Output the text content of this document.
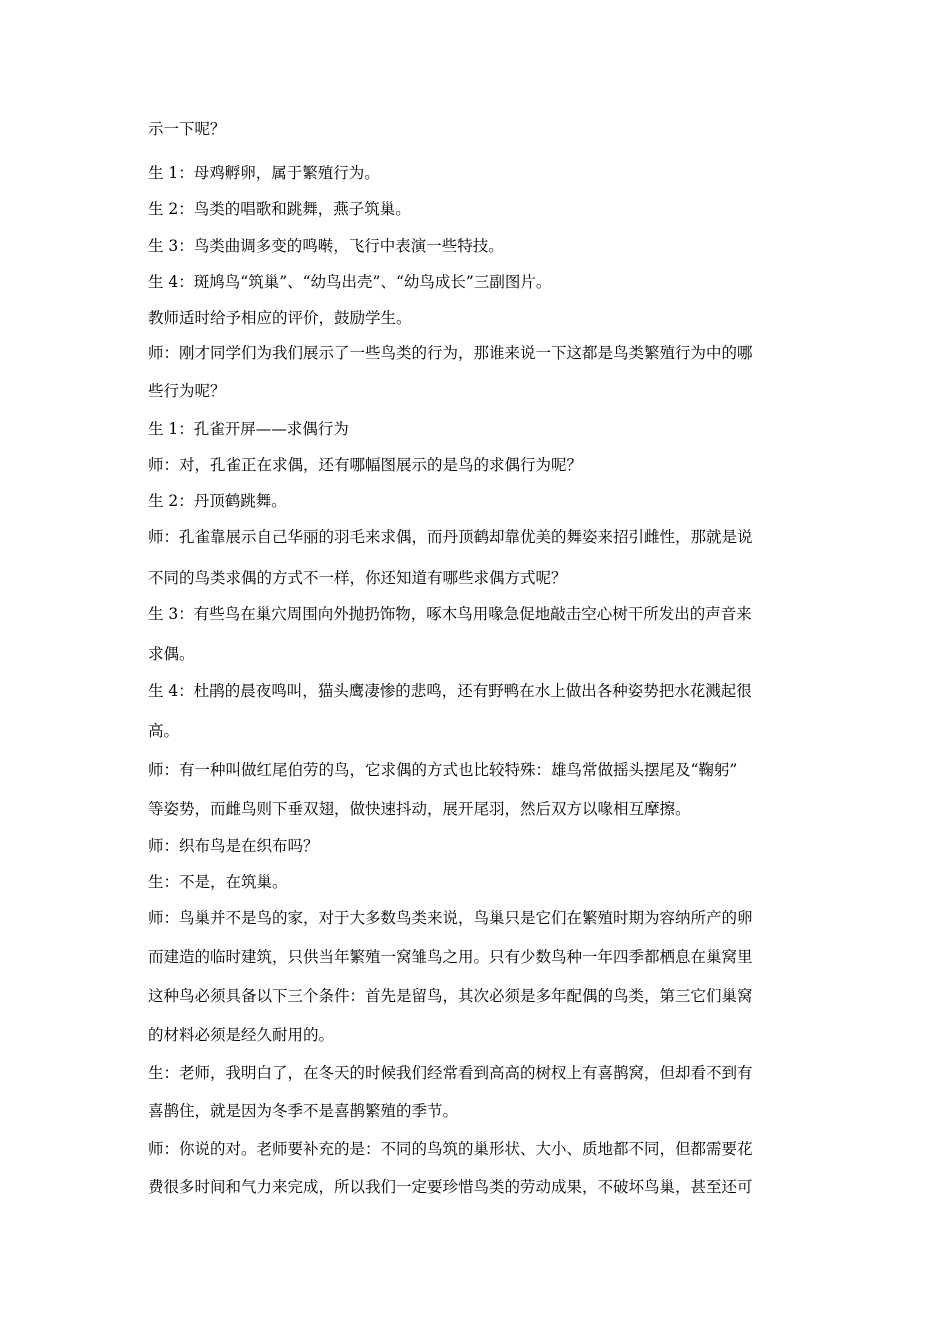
示一下呢？
生 1：母鸡孵卵，属于繁殖行为。
生 2：鸟类的唱歌和跳舞，燕子筑巢。
生 3：鸟类曲调多变的鸣啭，飞行中表演一些特技。
生 4：斑鸠鸟“筑巢”、“幼鸟出壳”、“幼鸟成长”三副图片。
教师适时给予相应的评价，鼓励学生。
师：刚才同学们为我们展示了一些鸟类的行为，那谁来说一下这都是鸟类繁殖行为中的哪
些行为呢？
生 1：孔雀开屏——求偶行为
师：对，孔雀正在求偶，还有哪幅图展示的是鸟的求偶行为呢？
生 2：丹顶鹤跳舞。
师：孔雀靠展示自己华丽的羽毛来求偶，而丹顶鹤却靠优美的舞姿来招引雌性，那就是说
不同的鸟类求偶的方式不一样，你还知道有哪些求偶方式呢？
生 3：有些鸟在巢穴周围向外抛扔饰物，啄木鸟用喙急促地敲击空心树干所发出的声音来
求偶。
生 4：杜鹃的晨夜鸣叫，猫头鹰凄惨的悲鸣，还有野鸭在水上做出各种姿势把水花溅起很
高。
师：有一种叫做红尾伯劳的鸟，它求偶的方式也比较特殊：雄鸟常做摇头摆尾及“鞠躬”
等姿势，而雌鸟则下垂双翅，做快速抖动，展开尾羽，然后双方以喙相互摩擦。
师：织布鸟是在织布吗？
生：不是，在筑巢。
师：鸟巢并不是鸟的家，对于大多数鸟类来说，鸟巢只是它们在繁殖时期为容纳所产的卵
而建造的临时建筑，只供当年繁殖一窝雏鸟之用。只有少数鸟种一年四季都栖息在巢窝里
这种鸟必须具备以下三个条件：首先是留鸟，其次必须是多年配偶的鸟类，第三它们巢窝
的材料必须是经久耐用的。
生：老师，我明白了，在冬天的时候我们经常看到高高的树杈上有喜鹊窝，但却看不到有
喜鹊住，就是因为冬季不是喜鹊繁殖的季节。
师：你说的对。老师要补充的是：不同的鸟筑的巢形状、大小、质地都不同，但都需要花
费很多时间和气力来完成，所以我们一定要珍惜鸟类的劳动成果，不破坏鸟巢，甚至还可
